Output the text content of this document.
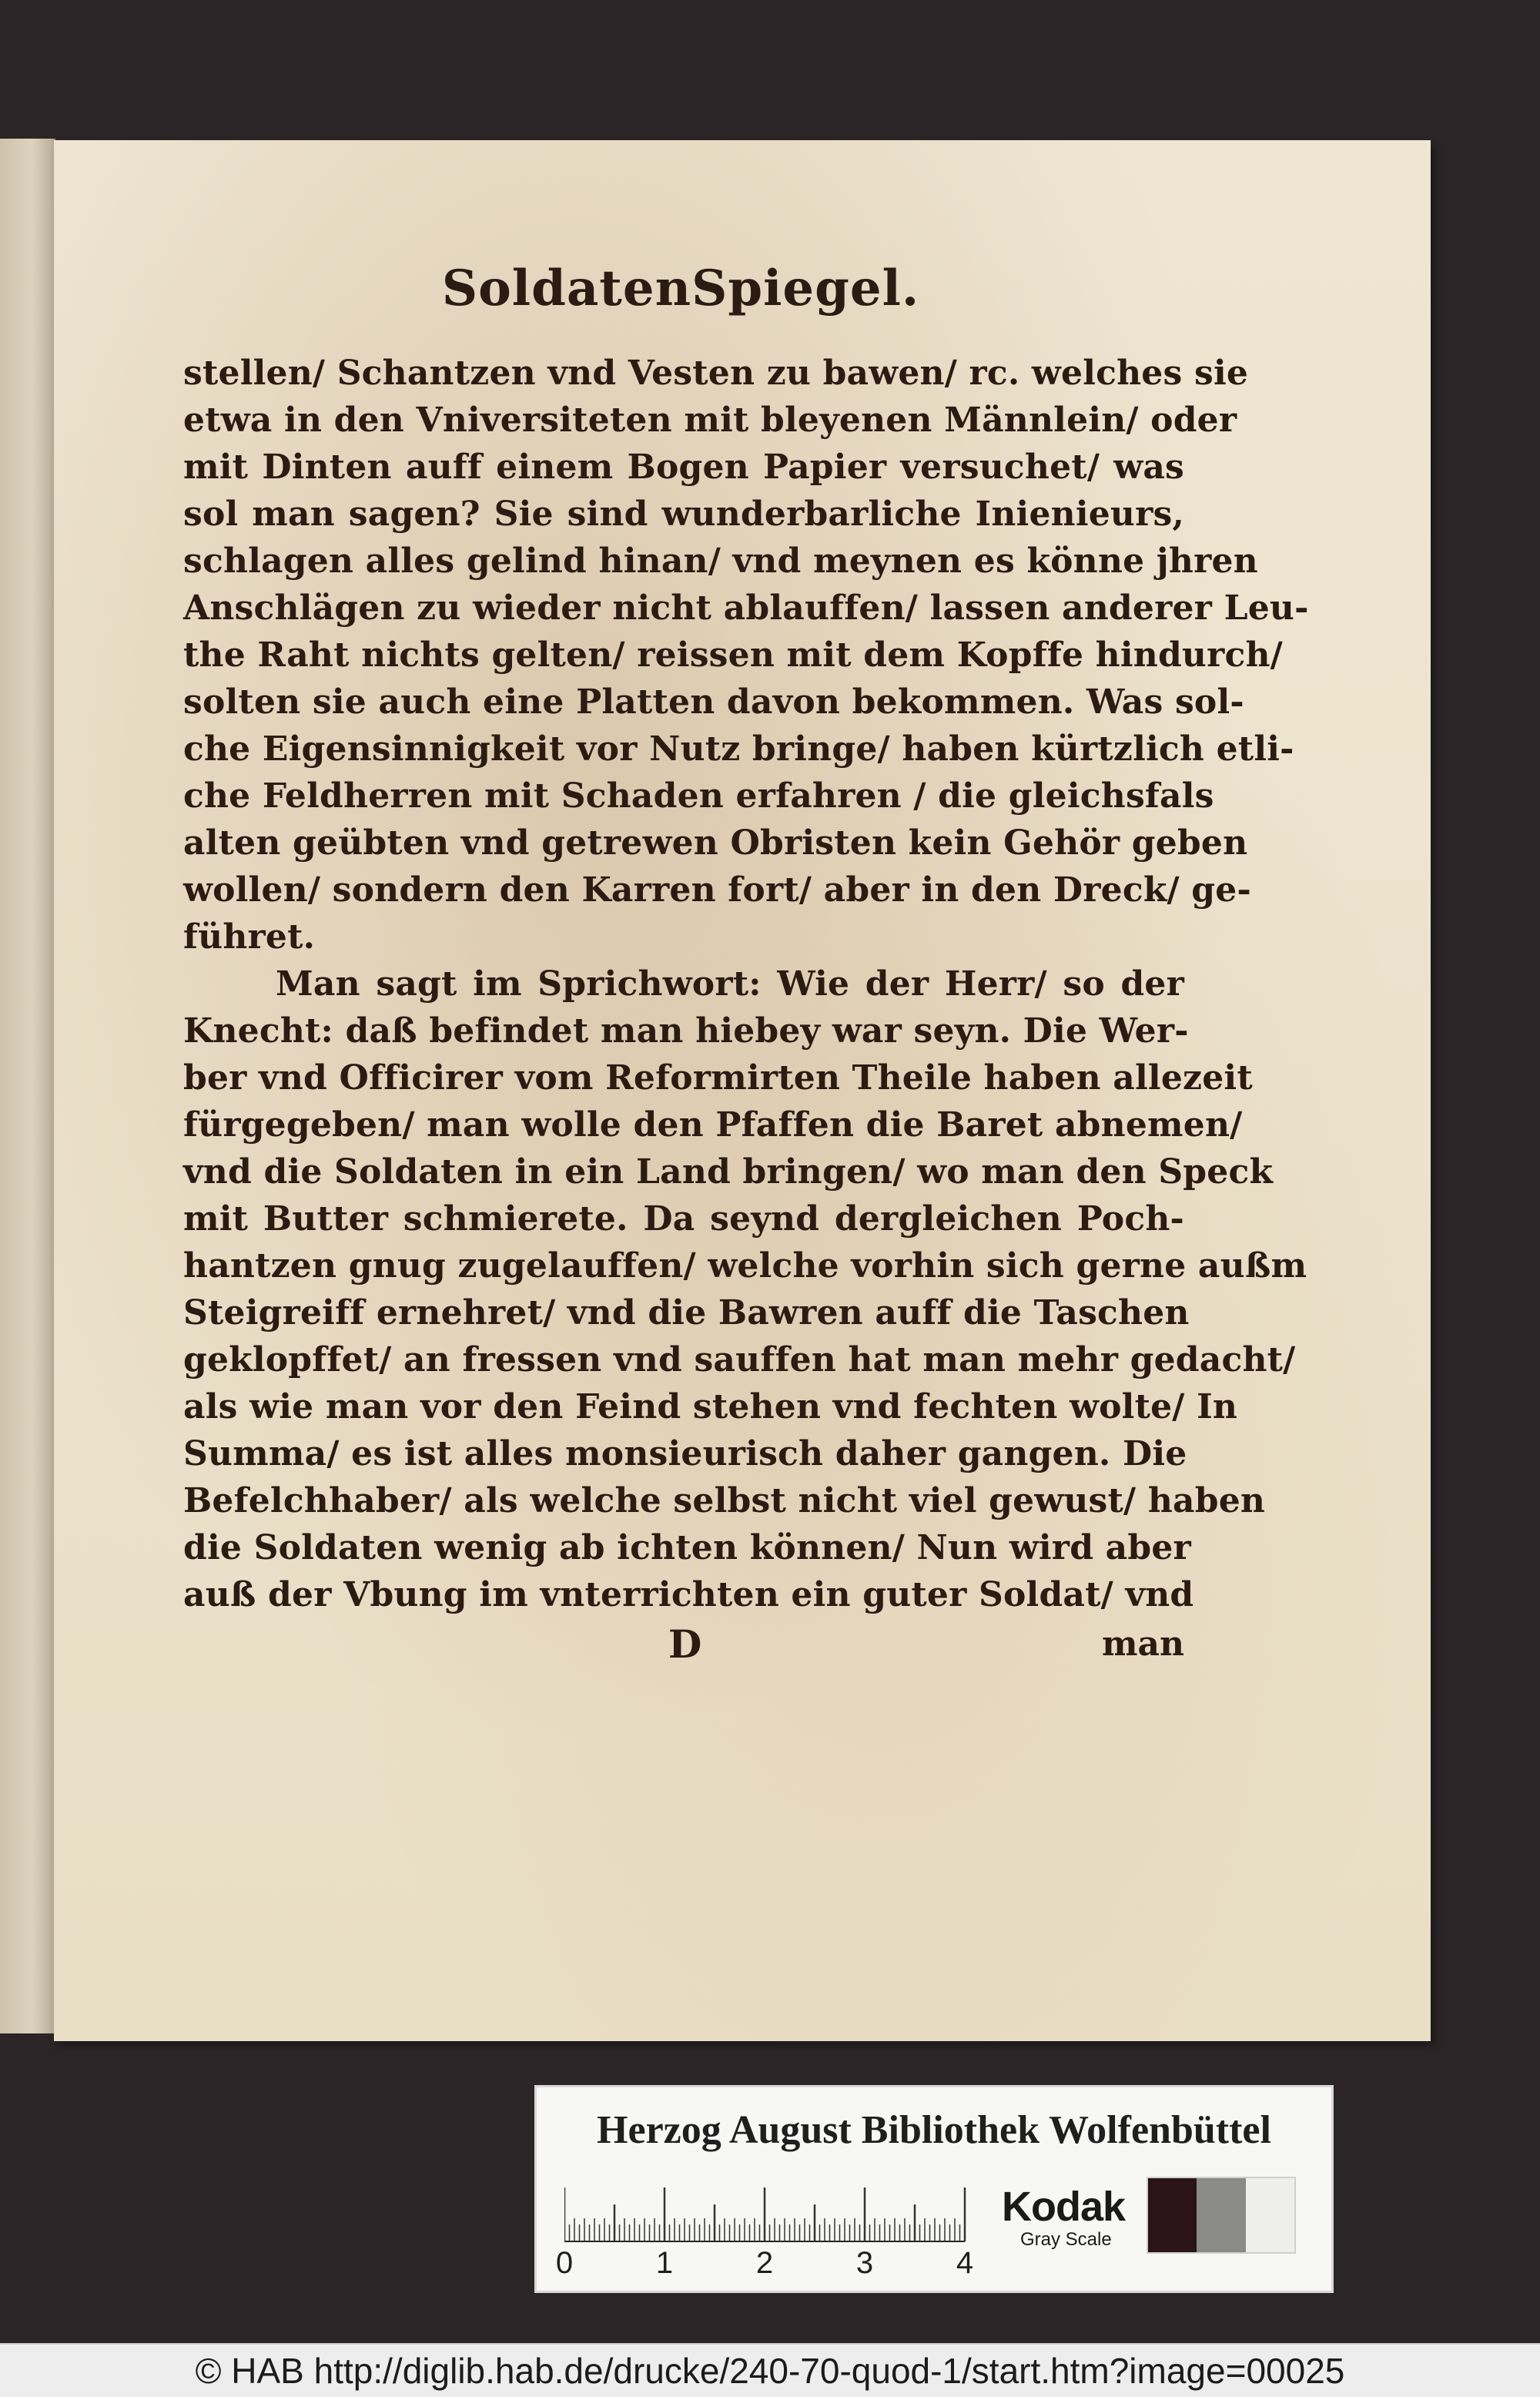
SoldatenSpiegel.
stellen/ Schantzen vnd Vesten zu bawen/ rc. welches sie
etwa in den Vniversiteten mit bleyenen Männlein/ oder
mit Dinten auff einem Bogen Papier versuchet/ was
sol man sagen? Sie sind wunderbarliche Inienieurs,
schlagen alles gelind hinan/ vnd meynen es könne jhren
Anschlägen zu wieder nicht ablauffen/ lassen anderer Leu-
the Raht nichts gelten/ reissen mit dem Kopffe hindurch/
solten sie auch eine Platten davon bekommen. Was sol-
che Eigensinnigkeit vor Nutz bringe/ haben kürtzlich etli-
che Feldherren mit Schaden erfahren / die gleichsfals
alten geübten vnd getrewen Obristen kein Gehör geben
wollen/ sondern den Karren fort/ aber in den Dreck/ ge-
führet.
Man sagt im Sprichwort: Wie der Herr/ so der
Knecht: daß befindet man hiebey war seyn. Die Wer-
ber vnd Officirer vom Reformirten Theile haben allezeit
fürgegeben/ man wolle den Pfaffen die Baret abnemen/
vnd die Soldaten in ein Land bringen/ wo man den Speck
mit Butter schmierete. Da seynd dergleichen Poch-
hantzen gnug zugelauffen/ welche vorhin sich gerne außm
Steigreiff ernehret/ vnd die Bawren auff die Taschen
geklopffet/ an fressen vnd sauffen hat man mehr gedacht/
als wie man vor den Feind stehen vnd fechten wolte/ In
Summa/ es ist alles monsieurisch daher gangen. Die
Befelchhaber/ als welche selbst nicht viel gewust/ haben
die Soldaten wenig ab ichten können/ Nun wird aber
auß der Vbung im vnterrichten ein guter Soldat/ vnd
D	man
Herzog August Bibliothek Wolfenbüttel
0	1	2	3	4
Kodak
Gray Scale
© HAB http://diglib.hab.de/drucke/240-70-quod-1/start.htm?image=00025
